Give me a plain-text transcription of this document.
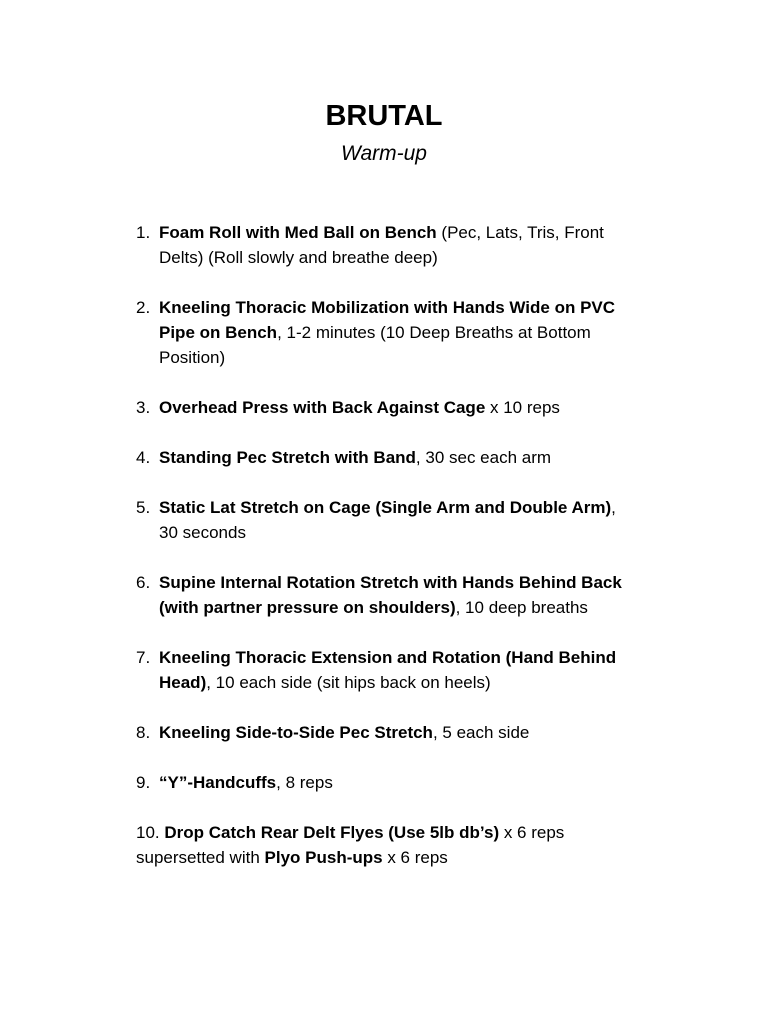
BRUTAL
Warm-up
1. Foam Roll with Med Ball on Bench (Pec, Lats, Tris, Front Delts) (Roll slowly and breathe deep)
2. Kneeling Thoracic Mobilization with Hands Wide on PVC Pipe on Bench, 1-2 minutes (10 Deep Breaths at Bottom Position)
3. Overhead Press with Back Against Cage x 10 reps
4. Standing Pec Stretch with Band, 30 sec each arm
5. Static Lat Stretch on Cage (Single Arm and Double Arm), 30 seconds
6. Supine Internal Rotation Stretch with Hands Behind Back (with partner pressure on shoulders), 10 deep breaths
7. Kneeling Thoracic Extension and Rotation (Hand Behind Head), 10 each side (sit hips back on heels)
8. Kneeling Side-to-Side Pec Stretch, 5 each side
9. “Y”-Handcuffs, 8 reps
10. Drop Catch Rear Delt Flyes (Use 5lb db’s) x 6 reps supersetted with Plyo Push-ups x 6 reps
